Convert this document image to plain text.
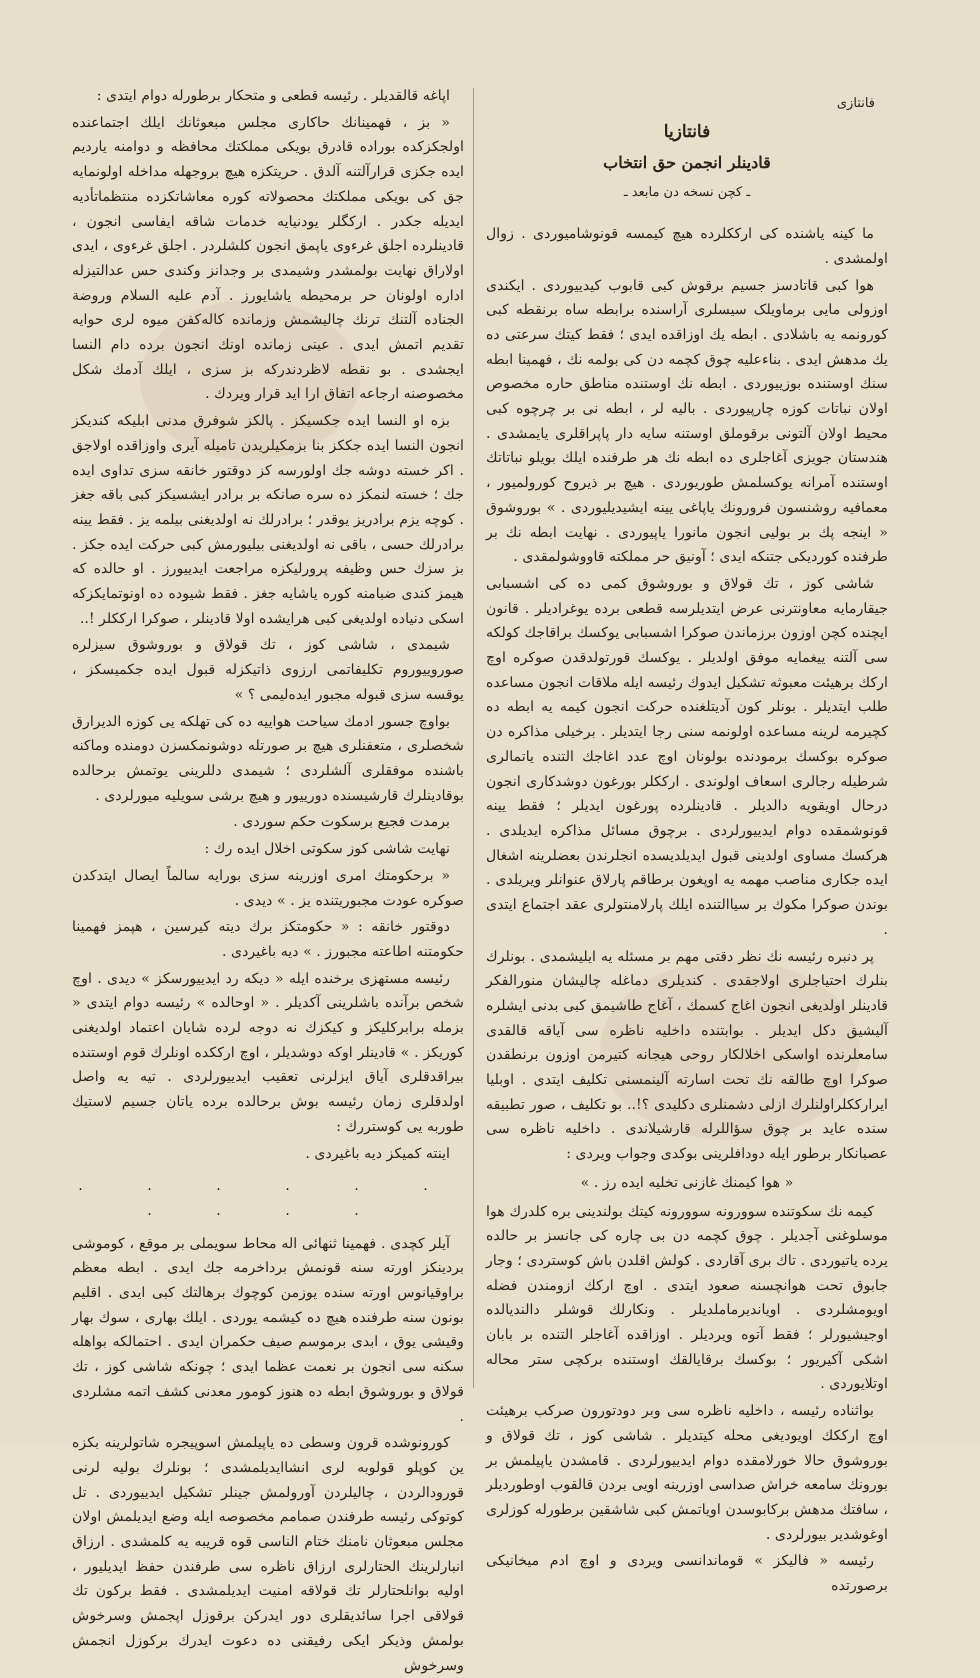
فانتازی
فانتازیا
قادینلر انجمن حق انتخاب
ـ کچن نسخه دن مابعد ـ

ما کینه یاشنده کی ارککلرده هیچ کیمسه قونوشامیوردی . زوال اولمشدی .

هوا کبی قاتادسز جسیم برقوش کبی قابوب کیدییوردی . ایکندی اوزولی مایی برماویلک سیسلری آراسنده برابطه ساه برنقطه کبی کورونمه یه باشلادی . ابطه یك اوزاقده ایدی ؛ فقط کیتك سرعتی ده یك مدهش ایدی . بناءعلیه چوق کچمه دن کی بولمه نك ، فهمینا ابطه سنك اوستنده بوزییوردی . ابطه نك اوستنده مناطق حاره مخصوص اولان نباتات کوزه چارپیوردی . بالیه لر ، ابطه نی بر چرچوه کبی محیط اولان آلتونی برقوملق اوستنه سایه دار پاپراقلری یایمشدی . هندستان جویزی آغاجلری ده ابطه نك هر طرفنده ایلك بویلو نباتاتك اوستنده آمرانه یوکسلمش طوریوردی . هیچ بر ذیروح کورولمیور ، معمافیه روشنسون فرورونك یاپاغی یینه ایشیدیلیوردی . » بوروشوق « اینجه پك بر بولیی انجون مانورا یاپیوردی . نهایت ابطه نك بر طرفنده کوردیکی جتنکه ایدی ؛ آونیق حر مملکته قاووشولمقدی .

شاشی کوز ، تك قولاق و بوروشوق کمی ده کی اشسبابی جیقارمایه معاونترنی عرض ایتدیلرسه قطعی برده یوغرادیلر . قانون ایچنده کچن اوزون برزماندن صوکرا اشسبابی یوکسك براقاجك کولکه سی آلتنه ییغمایه موفق اولدیلر . یوکسك قورتولدقدن صوکره اوچ ارکك برهیئت معبوثه تشکیل ایدوك رئیسه ایله ملاقات انجون مساعده طلب ایتدیلر . بونلر کون آدیتلغنده حرکت انجون کیمه یه ابطه ده کچیرمه لرینه مساعده اولونمه سنی رجا ایتدیلر . برخیلی مذاکره دن صوکره بوکسك برمودنده بولونان اوچ عدد اغاجك التنده یاتمالری شرطیله رجالری اسعاف اولوندی . ارککلر بورغون دوشدکاری انجون درحال اویقویه دالدیلر . قادینلرده پورغون ایدیلر ؛ فقط یینه قونوشمقده دوام ایدییورلردی . برچوق مسائل مذاکره ایدیلدی . هرکسك مساوی اولدینی قبول ایدیلدیسده انجلرندن بعضلرینه اشغال ایده جکاری مناصب مهمه یه اوپغون برطاقم پارلاق عنوانلر ویریلدی . بوندن صوکرا مکوك بر سیاالتنده ایلك پارلامنتولری عقد اجتماع ایتدی .

پر دنبره رئیسه نك نظر دقتی مهم بر مسئله یه ایلیشمدی . بونلرك بنلرك احتیاجلری اولاجقدی . کندیلری دماغله چالیشان منورالفکر قادینلر اولدیغی انجون اغاج کسمك ، آغاج طاشیمق کبی بدنی ایشلره آلیشیق دکل ایدیلر . بوابتنده داخلیه ناظره سی آیاقه قالقدی سامعلرنده اواسکی اخلالکار روحی هیجانه کتیرمن اوزون برنطقدن صوکرا اوچ طالقه نك تحت اسارته آلینمسنی تکلیف ایتدی . اوبلیا ایرارککلراولنلرك ازلی دشمنلری دکلیدی ؟!.. بو تکلیف ، صور تطبیقه سنده عاید بر چوق سؤاللرله قارشیلاندی . داخلیه ناظره سی عصبانکار برطور ایله دودافلرینی بوکدی وجواب ویردی :

« هوا کیمنك غازنی تخلیه ایده رز . »

کیمه نك سکوتنده سوورونه سوورونه کیتك بولندینی بره کلدرك هوا موسلوغنی آجدیلر . چوق کچمه دن بی چاره کی جانسز بر حالده یرده یاتیوردی . تاك بری آقاردی . کولش اقلدن باش کوستردی ؛ وجار جابوق تحت هوانچسنه صعود ایتدی . اوچ ارکك ازومندن فضله اویومشلردی . اویاندیرماملدیلر . ونکارلك قوشلر دالندیالده اوجیشیورلر ؛ فقط آتوه ویردیلر . اوزاقده آغاجلر التنده بر بابان اشکی آکیریور ؛ بوکسك برقایالقك اوستنده برکچی ستر محاله اوتلایوردی .

بواثناده رئیسه ، داخلیه ناظره سی وبر دودتورون صرکب برهیئت اوچ ارککك اویودیغی محله کیتدیلر . شاشی کوز ، تك قولاق و بوروشوق حالا خورلامقده دوام ایدییورلردی . قامشدن یاپیلمش بر بورونك سامعه خراش صداسی اوزرینه اویی بردن قالقوب اوطوردیلر ، سافتك مدهش برکابوسدن اویاتمش کبی شاشقین برطورله کوزلری اوغوشدیر بیورلردی .

رئیسه « فالیکز » قوماندانسی ویردی و اوچ ادم میخانیکی برصورتده

اپاغه قالقدیلر . رئیسه قطعی و متحکار برطورله دوام ایتدی :

« بز ، فهمینانك حاکاری مجلس مبعوثانك ایلك اجتماعنده اولجکزکده بوراده قادرق بویکی مملکتك محافظه و دوامنه یاردیم ایده جکزی قرارآلتنه آلدق . حریتکزه هیچ بروجهله مداخله اولونمایه جق کی بویکی مملکتك محصولاته کوره معاشاتکزده منتظماتأدیه ایدیله جکدر . ارکگلر یودنیایه خدمات شاقه ایفاسی انجون ، قادینلرده اجلق غرءوی یاپمق انجون کلشلردر . اجلق غرءوی ، ایدی اولاراق نهایت بولمشدر وشیمدی بر وجدانز وکندی حس عدالتیزله اداره اولونان حر برمحیطه یاشایورز . آدم علیه السلام وروضة الجناده آلتنك ترنك چالیشمش وزمانده کالەکفن میوه لری حوایه تقدیم اتمش ایدی . عینی زمانده اونك انجون برده دام النسا ایجشدی . بو نقطه لاظردندرکه بز سزی ، ایلك آدمك شکل مخصوصنه ارجاعه اتفاق ارا اید قرار ویردك .

بزه او النسا ایده جکسیکز . پالکز شوفرق مدنی ابلیکه کندیکز انجون النسا ایده جککز بنا بزمکیلریدن تامیله آیری واوزاقده اولاجق . اکر خسته دوشه جك اولورسه کز دوقتور خانقه سزی تداوی ایده جك ؛ خسته لنمکز ده سره صانکه بر برادر ایشسیکز کبی باقه جغز . کوچه یزم برادریز یوقدر ؛ برادرلك نه اولدیغنی بیلمه یز . فقط یینه برادرلك حسی ، باقی نه اولدیغنی بیلیورمش کبی حرکت ایده جکز . بز سزك حس وظیفه پرورلیکزه مراجعت ایدییورز . او حالده که هیمز کندی ضبامنه کوره یاشایه جغز . فقط شیوده ده اونوتمایکزکه اسکی دنیاده اولدیغی کبی هرایشده اولا قادینلر ، صوکرا ارککلر !..

شیمدی ، شاشی کوز ، تك قولاق و بوروشوق سیزلره صوروییوروم تکلیفاتمی ارزوی ذاتیکزله قبول ایده جکمیسکز ، یوقسه سزی قبوله مجبور ایده‌لیمی ؟ »

بواوچ جسور ادمك سیاحت هواییه ده کی تهلکه یی کوزه الدیرارق شخصلری ، متعفنلری هیچ بر صورتله دوشونمکسزن دومنده وماکنه باشنده موفقلری آلشلردی ؛ شیمدی دللرینی یوتمش برحالده بوقادینلرك قارشیسنده دورییور و هیچ برشی سویلیه میورلردی .

برمدت فجیع برسکوت حکم سوردی .

نهایت شاشی کوز سکوتی اخلال ایده رك :

« برحکومتك امری اوزرینه سزی بورایه سالماً ایصال ایتدکدن صوکره عودت مجبوریتنده یز . » دیدی .

دوقتور خانقه : « حکومتکز برك دیته کیرسین ، هپمز فهمینا حکومتنه اطاعته مجبورز . » دیه باغیردی .

رئیسه مستهزی برخنده ایله « دیکه رد ایدییورسکز » دیدی . اوچ شخص برآنده باشلرینی آکدیلر . « اوحالده » رئیسه دوام ایتدی « بزمله برابرکلیکز و کیکزك نه دوجه لرده شایان اعتماد اولدیغنی کوریکز . » قادینلر اوکه دوشدیلر ، اوچ ارککده اونلرك قوم اوستنده بیراقدقلری آیاق ایزلرنی تعقیب ایدییورلردی . تیه یه واصل اولدقلری زمان رئیسه بوش برحالده برده یاتان جسیم لاستیك طوربه یی کوستررك :

اینته کمیکز دیه باغیردی .

. . . . . . . . . .

آیلر کچدی . فهمینا ثنهائی اله محاط سویملی بر موقع ، کوموشی بردینکز اورته سنه قونمش برداخرمه جك ایدی . ابطه معظم براوقیانوس اورته سنده یوزمن کوچوك برهالتك کبی ایدی . اقلیم بونون سنه طرفنده هیچ ده کیشمه یوردی . ایلك بهاری ، سوك بهار وقیشی یوق ، ابدی برموسم صیف حکمران ایدی . احتمالکه بواهله سکنه سی انجون بر نعمت عظما ایدی ؛ چونکه شاشی کوز ، تك قولاق و بوروشوق ابطه ده هنوز کومور معدنی کشف اتمه مشلردی .

کورونوشده قرون وسطی ده یاپیلمش اسوپیجره شاتولرینه بکزه ین کوپلو قولوبه لری انشاایدیلمشدی ؛ بونلرك بولیه لرنی قورودالردن ، چالیلردن آورولمش جینلر تشکیل ایدییوردی . تل کوتوکی رئیسه طرفندن صمامم مخصوصه ایله وضع ایدیلمش اولان مجلس مبعوثان نامنك ختام الناسی قوه قریبه یه کلمشدی . ارزاق انبارلرینك الحتارلری ارزاق ناظره سی طرفندن حفظ ایدیلیور ، اولیه بوانلحتارلر تك قولاقه امنیت ایدیلمشدی . فقط برکون تك قولاقی اجرا سائدیقلری دور ایدرکن برقوزل اپجمش وسرخوش بولمش وذیکر ایکی رفیقنی ده دعوت ایدرك برکوزل انجمش وسرخوش
